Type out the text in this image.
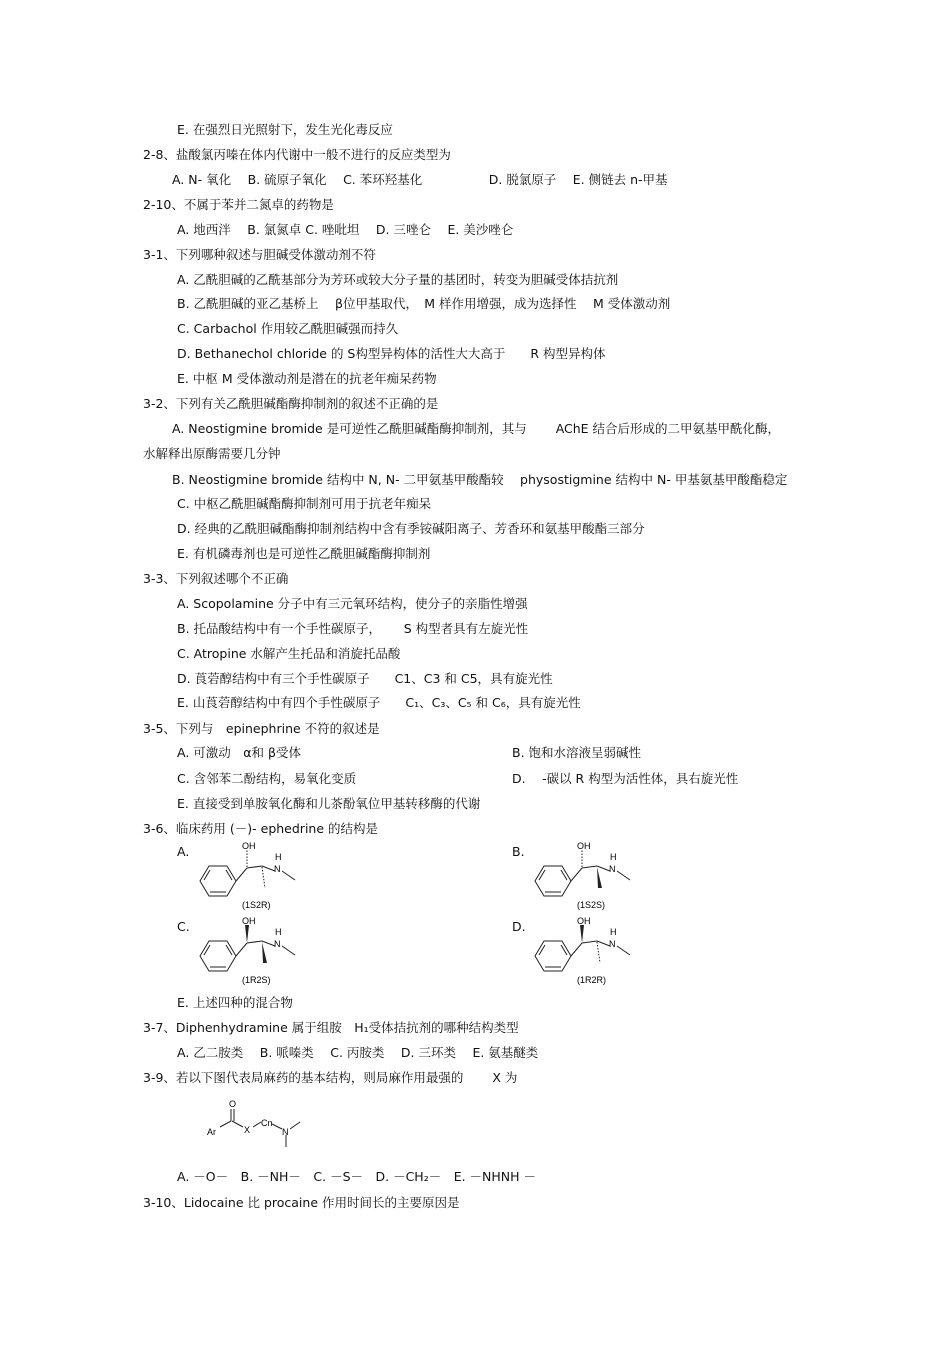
E. 在强烈日光照射下，发生光化毒反应
2-8、盐酸氯丙嗪在体内代谢中一般不进行的反应类型为
A. N- 氧化　 B. 硫原子氧化　 C. 苯环羟基化　　　　　 D. 脱氯原子　 E. 侧链去 n-甲基
2-10、不属于苯并二氮卓的药物是
A. 地西泮　 B. 氯氮卓 C. 唑吡坦　 D. 三唑仑　 E. 美沙唑仑
3-1、下列哪种叙述与胆碱受体激动剂不符
A. 乙酰胆碱的乙酰基部分为芳环或较大分子量的基团时，转变为胆碱受体拮抗剂
B. 乙酰胆碱的亚乙基桥上　 β位甲基取代，　M 样作用增强，成为选择性　 M 受体激动剂
C. Carbachol 作用较乙酰胆碱强而持久
D. Bethanechol chloride 的 S构型异构体的活性大大高于　　R 构型异构体
E. 中枢 M 受体激动剂是潜在的抗老年痴呆药物
3-2、下列有关乙酰胆碱酯酶抑制剂的叙述不正确的是
A. Neostigmine bromide 是可逆性乙酰胆碱酯酶抑制剂，其与　　 AChE 结合后形成的二甲氨基甲酰化酶，
水解释出原酶需要几分钟
B. Neostigmine bromide 结构中 N, N- 二甲氨基甲酸酯较　 physostigmine 结构中 N- 甲基氨基甲酸酯稳定
C. 中枢乙酰胆碱酯酶抑制剂可用于抗老年痴呆
D. 经典的乙酰胆碱酯酶抑制剂结构中含有季铵碱阳离子、芳香环和氨基甲酸酯三部分
E. 有机磷毒剂也是可逆性乙酰胆碱酯酶抑制剂
3-3、下列叙述哪个不正确
A. Scopolamine 分子中有三元氧环结构，使分子的亲脂性增强
B. 托品酸结构中有一个手性碳原子，　　 S 构型者具有左旋光性
C. Atropine 水解产生托品和消旋托品酸
D. 莨菪醇结构中有三个手性碳原子　　C1、C3 和 C5，具有旋光性
E. 山莨菪醇结构中有四个手性碳原子　　C₁、C₃、C₅ 和 C₆，具有旋光性
3-5、下列与　epinephrine 不符的叙述是
A. 可激动　α和 β受体	B. 饱和水溶液呈弱碱性
C. 含邻苯二酚结构，易氧化变质	D.　 -碳以 R 构型为活性体，具右旋光性
E. 直接受到单胺氧化酶和儿茶酚氧位甲基转移酶的代谢
3-6、临床药用 (－)- ephedrine 的结构是
A.	B.
C.	D.
OH
H
N
(1S2R)
OH
H
N
(1S2S)
OH
H
N
(1R2S)
OH
H
N
(1R2R)
E. 上述四种的混合物
3-7、Diphenhydramine 属于组胺　H₁受体拮抗剂的哪种结构类型
A. 乙二胺类　 B. 哌嗪类　 C. 丙胺类　 D. 三环类　 E. 氨基醚类
3-9、若以下图代表局麻药的基本结构，则局麻作用最强的　　 X 为
Ar
O
X
Cn
N
A. －O－　B. －NH－　C. －S－　D. －CH₂－　E. －NHNH －
3-10、Lidocaine 比 procaine 作用时间长的主要原因是
